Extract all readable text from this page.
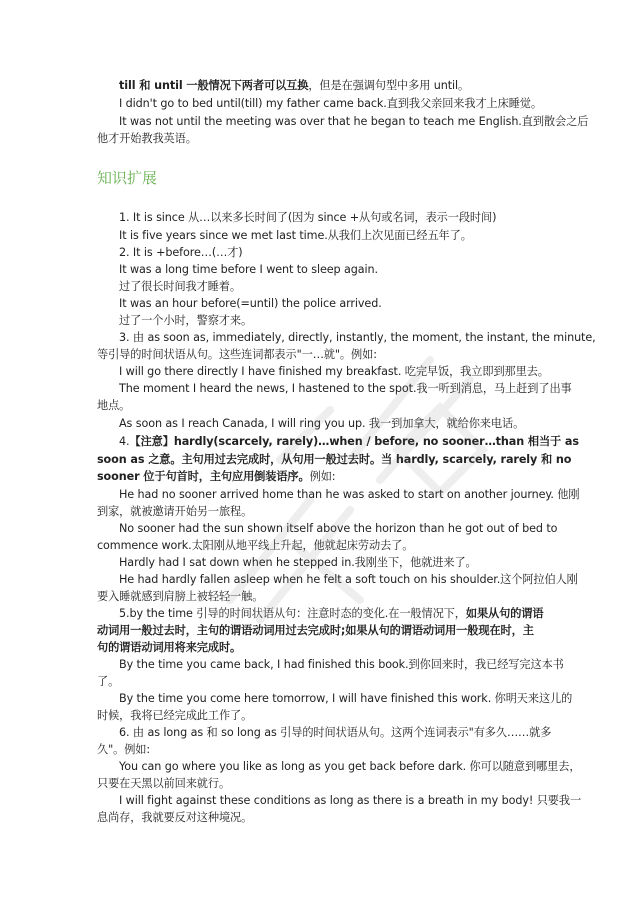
till 和 until 一般情况下两者可以互换，但是在强调句型中多用 until。
I didn't go to bed until(till) my father came back.直到我父亲回来我才上床睡觉。
It was not until the meeting was over that he began to teach me English.直到散会之后
他才开始教我英语。
1. It is since 从…以来多长时间了(因为 since +从句或名词，表示一段时间)
It is five years since we met last time.从我们上次见面已经五年了。
2. It is +before…(…才)
It was a long time before I went to sleep again.
过了很长时间我才睡着。
It was an hour before(=until) the police arrived.
过了一个小时，警察才来。
3. 由 as soon as, immediately, directly, instantly, the moment, the instant, the minute,
等引导的时间状语从句。这些连词都表示"一…就"。例如:
I will go there directly I have finished my breakfast. 吃完早饭，我立即到那里去。
The moment I heard the news, I hastened to the spot.我一听到消息，马上赶到了出事
地点。
As soon as I reach Canada, I will ring you up. 我一到加拿大，就给你来电话。
4.【注意】hardly(scarcely, rarely)…when / before, no sooner…than 相当于 as
soon as 之意。主句用过去完成时，从句用一般过去时。当 hardly, scarcely, rarely 和 no
sooner 位于句首时，主句应用倒装语序。例如:
He had no sooner arrived home than he was asked to start on another journey. 他刚
到家，就被邀请开始另一旅程。
No sooner had the sun shown itself above the horizon than he got out of bed to
commence work.太阳刚从地平线上升起，他就起床劳动去了。
Hardly had I sat down when he stepped in.我刚坐下，他就进来了。
He had hardly fallen asleep when he felt a soft touch on his shoulder.这个阿拉伯人刚
要入睡就感到肩膀上被轻轻一触。
5.by the time 引导的时间状语从句：注意时态的变化.在一般情况下，如果从句的谓语
动词用一般过去时，主句的谓语动词用过去完成时;如果从句的谓语动词用一般现在时，主
句的谓语动词用将来完成时。
By the time you came back, I had finished this book.到你回来时，我已经写完这本书
了。
By the time you come here tomorrow, I will have finished this work. 你明天来这儿的
时候，我将已经完成此工作了。
6. 由 as long as 和 so long as 引导的时间状语从句。这两个连词表示"有多久……就多
久"。例如:
You can go where you like as long as you get back before dark. 你可以随意到哪里去，
只要在天黑以前回来就行。
I will fight against these conditions as long as there is a breath in my body! 只要我一
息尚存，我就要反对这种境况。
知识扩展
